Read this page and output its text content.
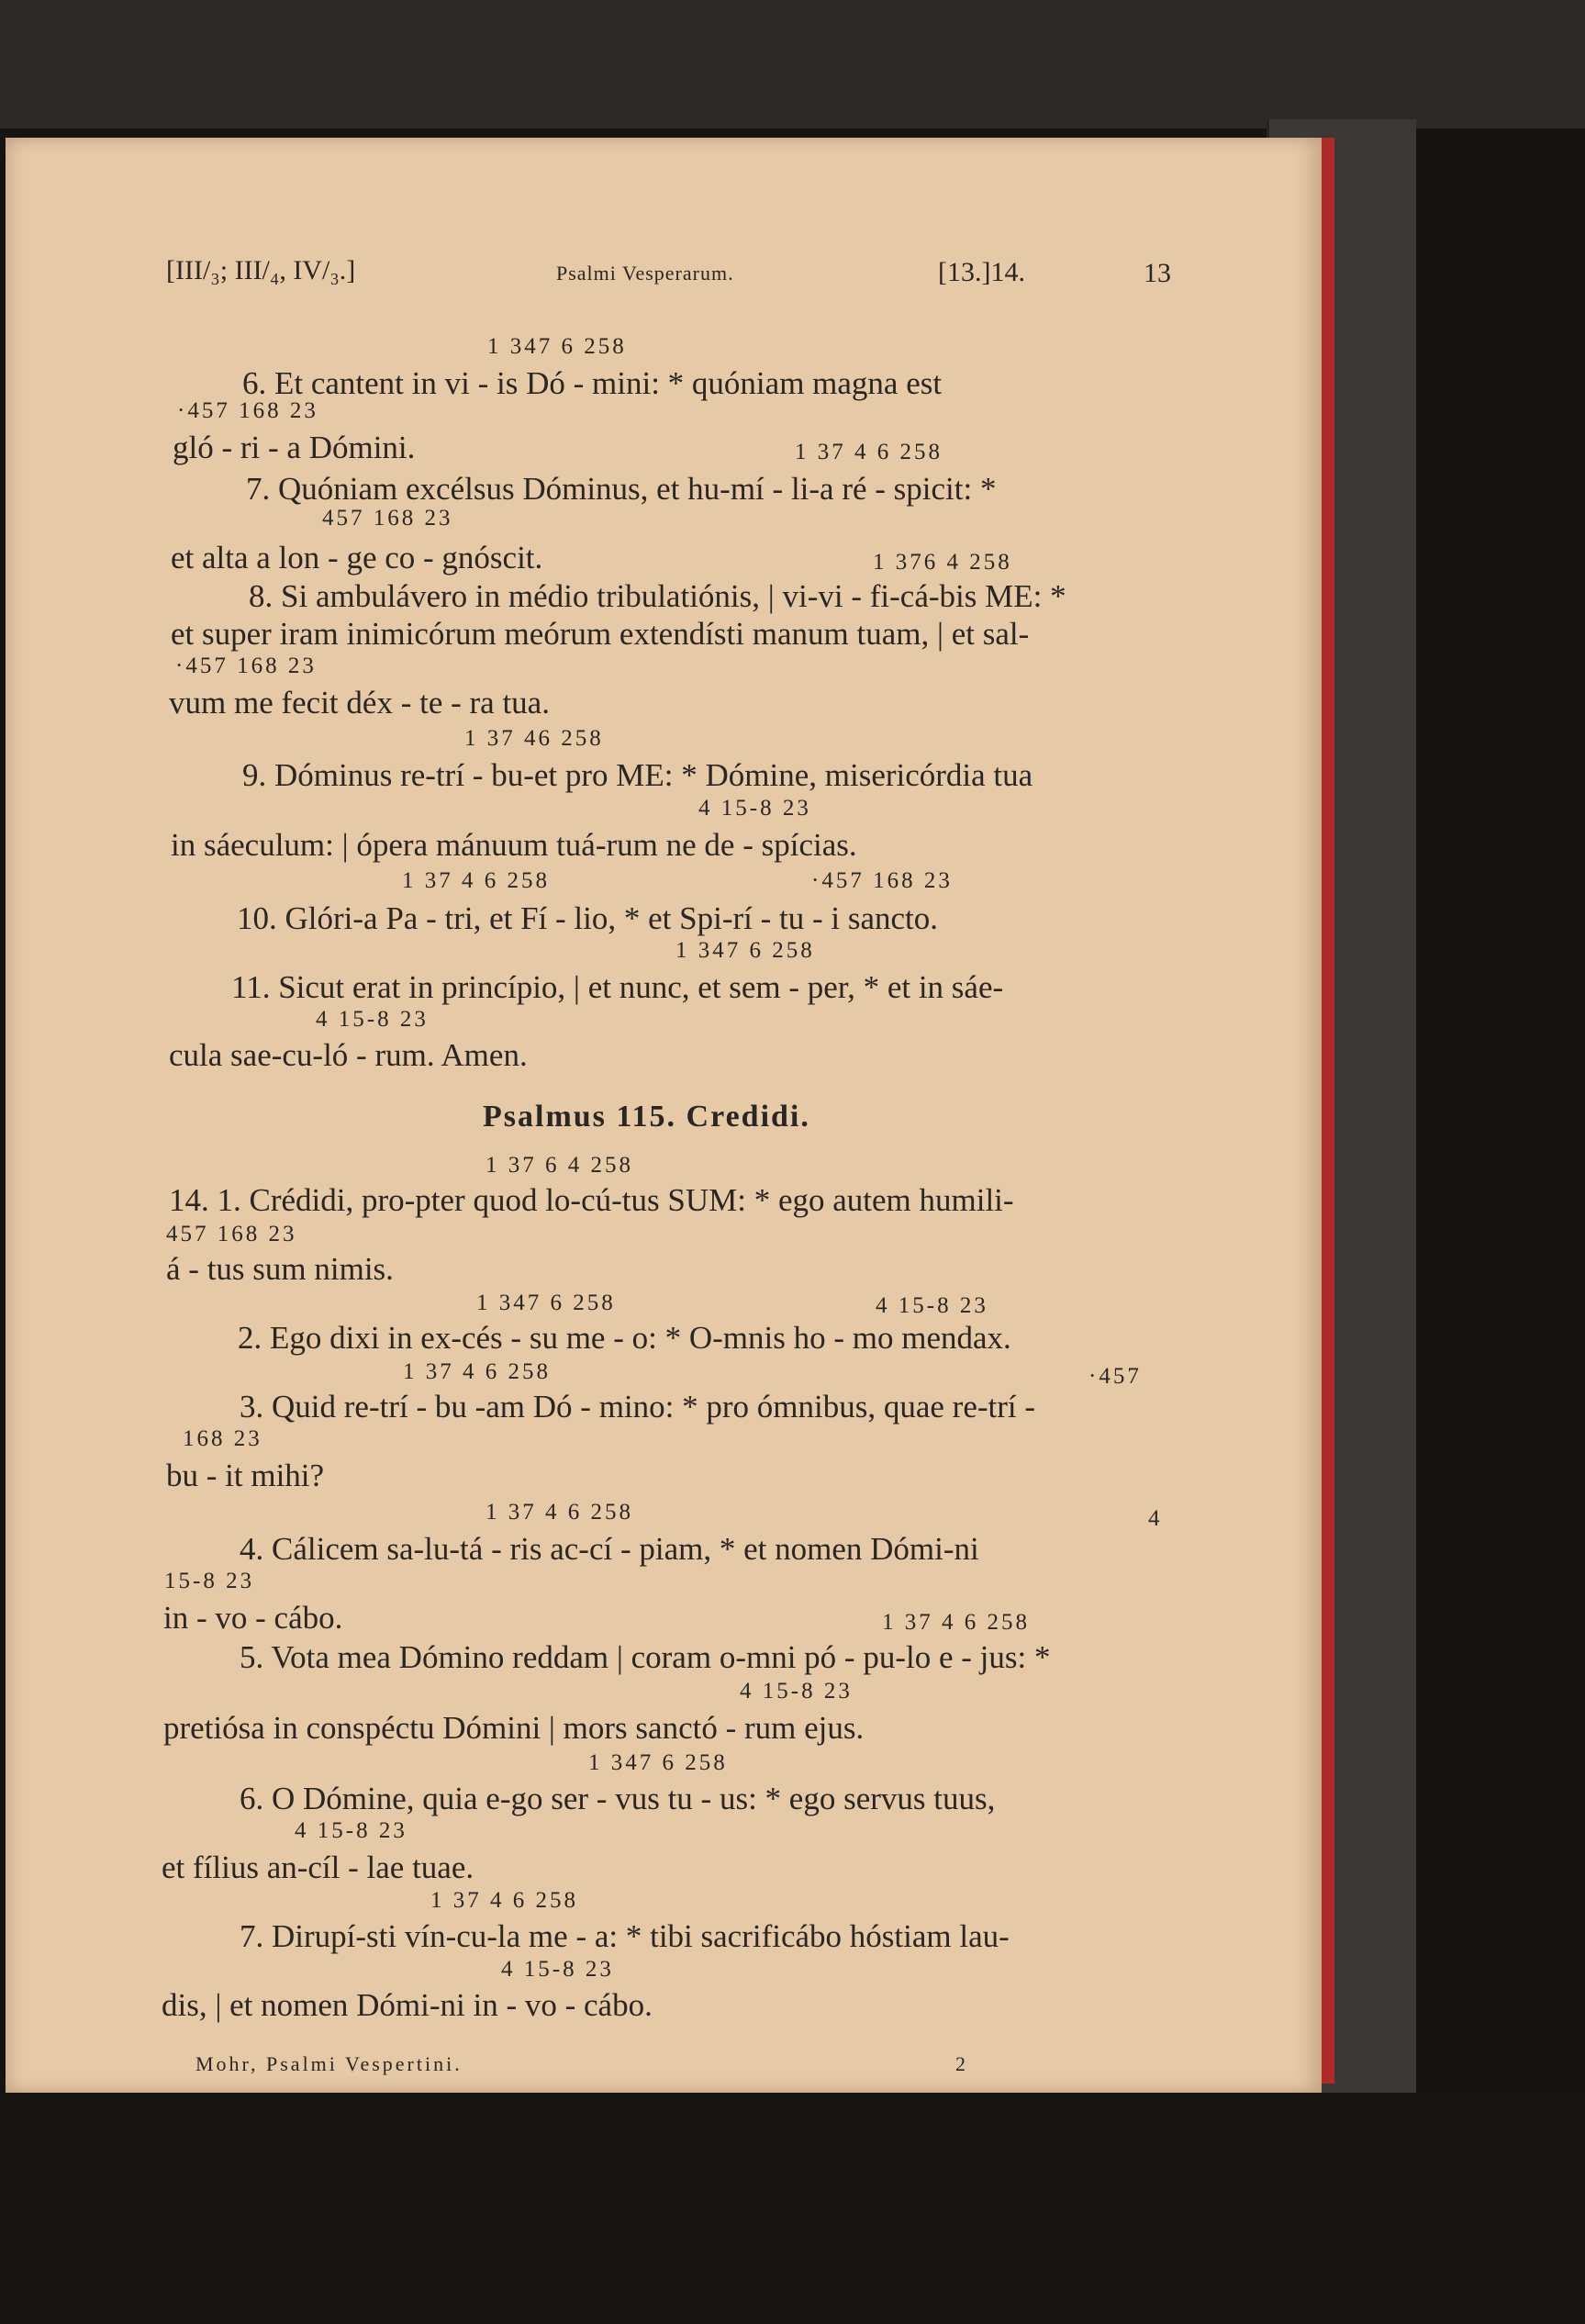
[III/₃; III/₄, IV/₃.]	Psalmi Vesperarum.	[13.]14.	13
1 347 6 258
6. Et cantent in vi - is Dó - mini: * quóniam magna est
·457 168 23
gló - ri - a Dómini.	1 37 4 6 258
7. Quóniam excélsus Dóminus, et hu-mí - li-a ré - spicit: *
457 168 23
et alta a lon - ge co - gnóscit.	1 376 4 258
8. Si ambuláverо in médio tribulatiónis, | vi-vi - fi-cá-bis ME: *
et super iram inimicórum meórum extendísti manum tuam, | et sal-
·457 168 23
vum me fecit déx - te - ra tua.
1 37 46 258
9. Dóminus re-trí - bu-et pro ME: * Dómine, misericórdia tua
4 15-8 23
in sáeculum: | ópera mánuum tuá-rum ne de - spícias.
1 37 4 6 258	·457 168 23
10. Glóri-a Pa - tri, et Fí - lio, * et Spi-rí - tu - i sancto.
1 347 6 258
11. Sicut erat in princípio, | et nunc, et sem - per, * et in sáe-
4 15-8 23
cula sae-cu-ló - rum. Amen.
Psalmus 115. Credidi.
1 37 6 4 258
14. 1. Crédidi, pro-pter quod lo-cú-tus SUM: * ego autem humili-
457 168 23
á - tus sum nimis.
1 347 6 258	4 15-8 23
2. Ego dixi in ex-cés - su me - o: * O-mnis ho - mo mendax.
1 37 4 6 258	·457
3. Quid re-trí - bu -am Dó - mino: * pro ómnibus, quae re-trí -
168 23
bu - it mihi?
1 37 4 6 258	4
4. Cálicem sa-lu-tá - ris ac-cí - piam, * et nomen Dómi-ni
15-8 23
in - vo - cábo.	1 37 4 6 258
5. Vota mea Dómino reddam | coram o-mni pó - pu-lo e - jus: *
4 15-8 23
pretiósa in conspéctu Dómini | mors sanctó - rum ejus.
1 347 6 258
6. O Dómine, quia e-go ser - vus tu - us: * ego servus tuus,
4 15-8 23
et fílius an-cíl - lae tuae.
1 37 4 6 258
7. Dirupí-sti vín-cu-la me - a: * tibi sacrificábo hóstiam lau-
4 15-8 23
dis, | et nomen Dómi-ni in - vo - cábo.
Mohr, Psalmi Vespertini.	2
